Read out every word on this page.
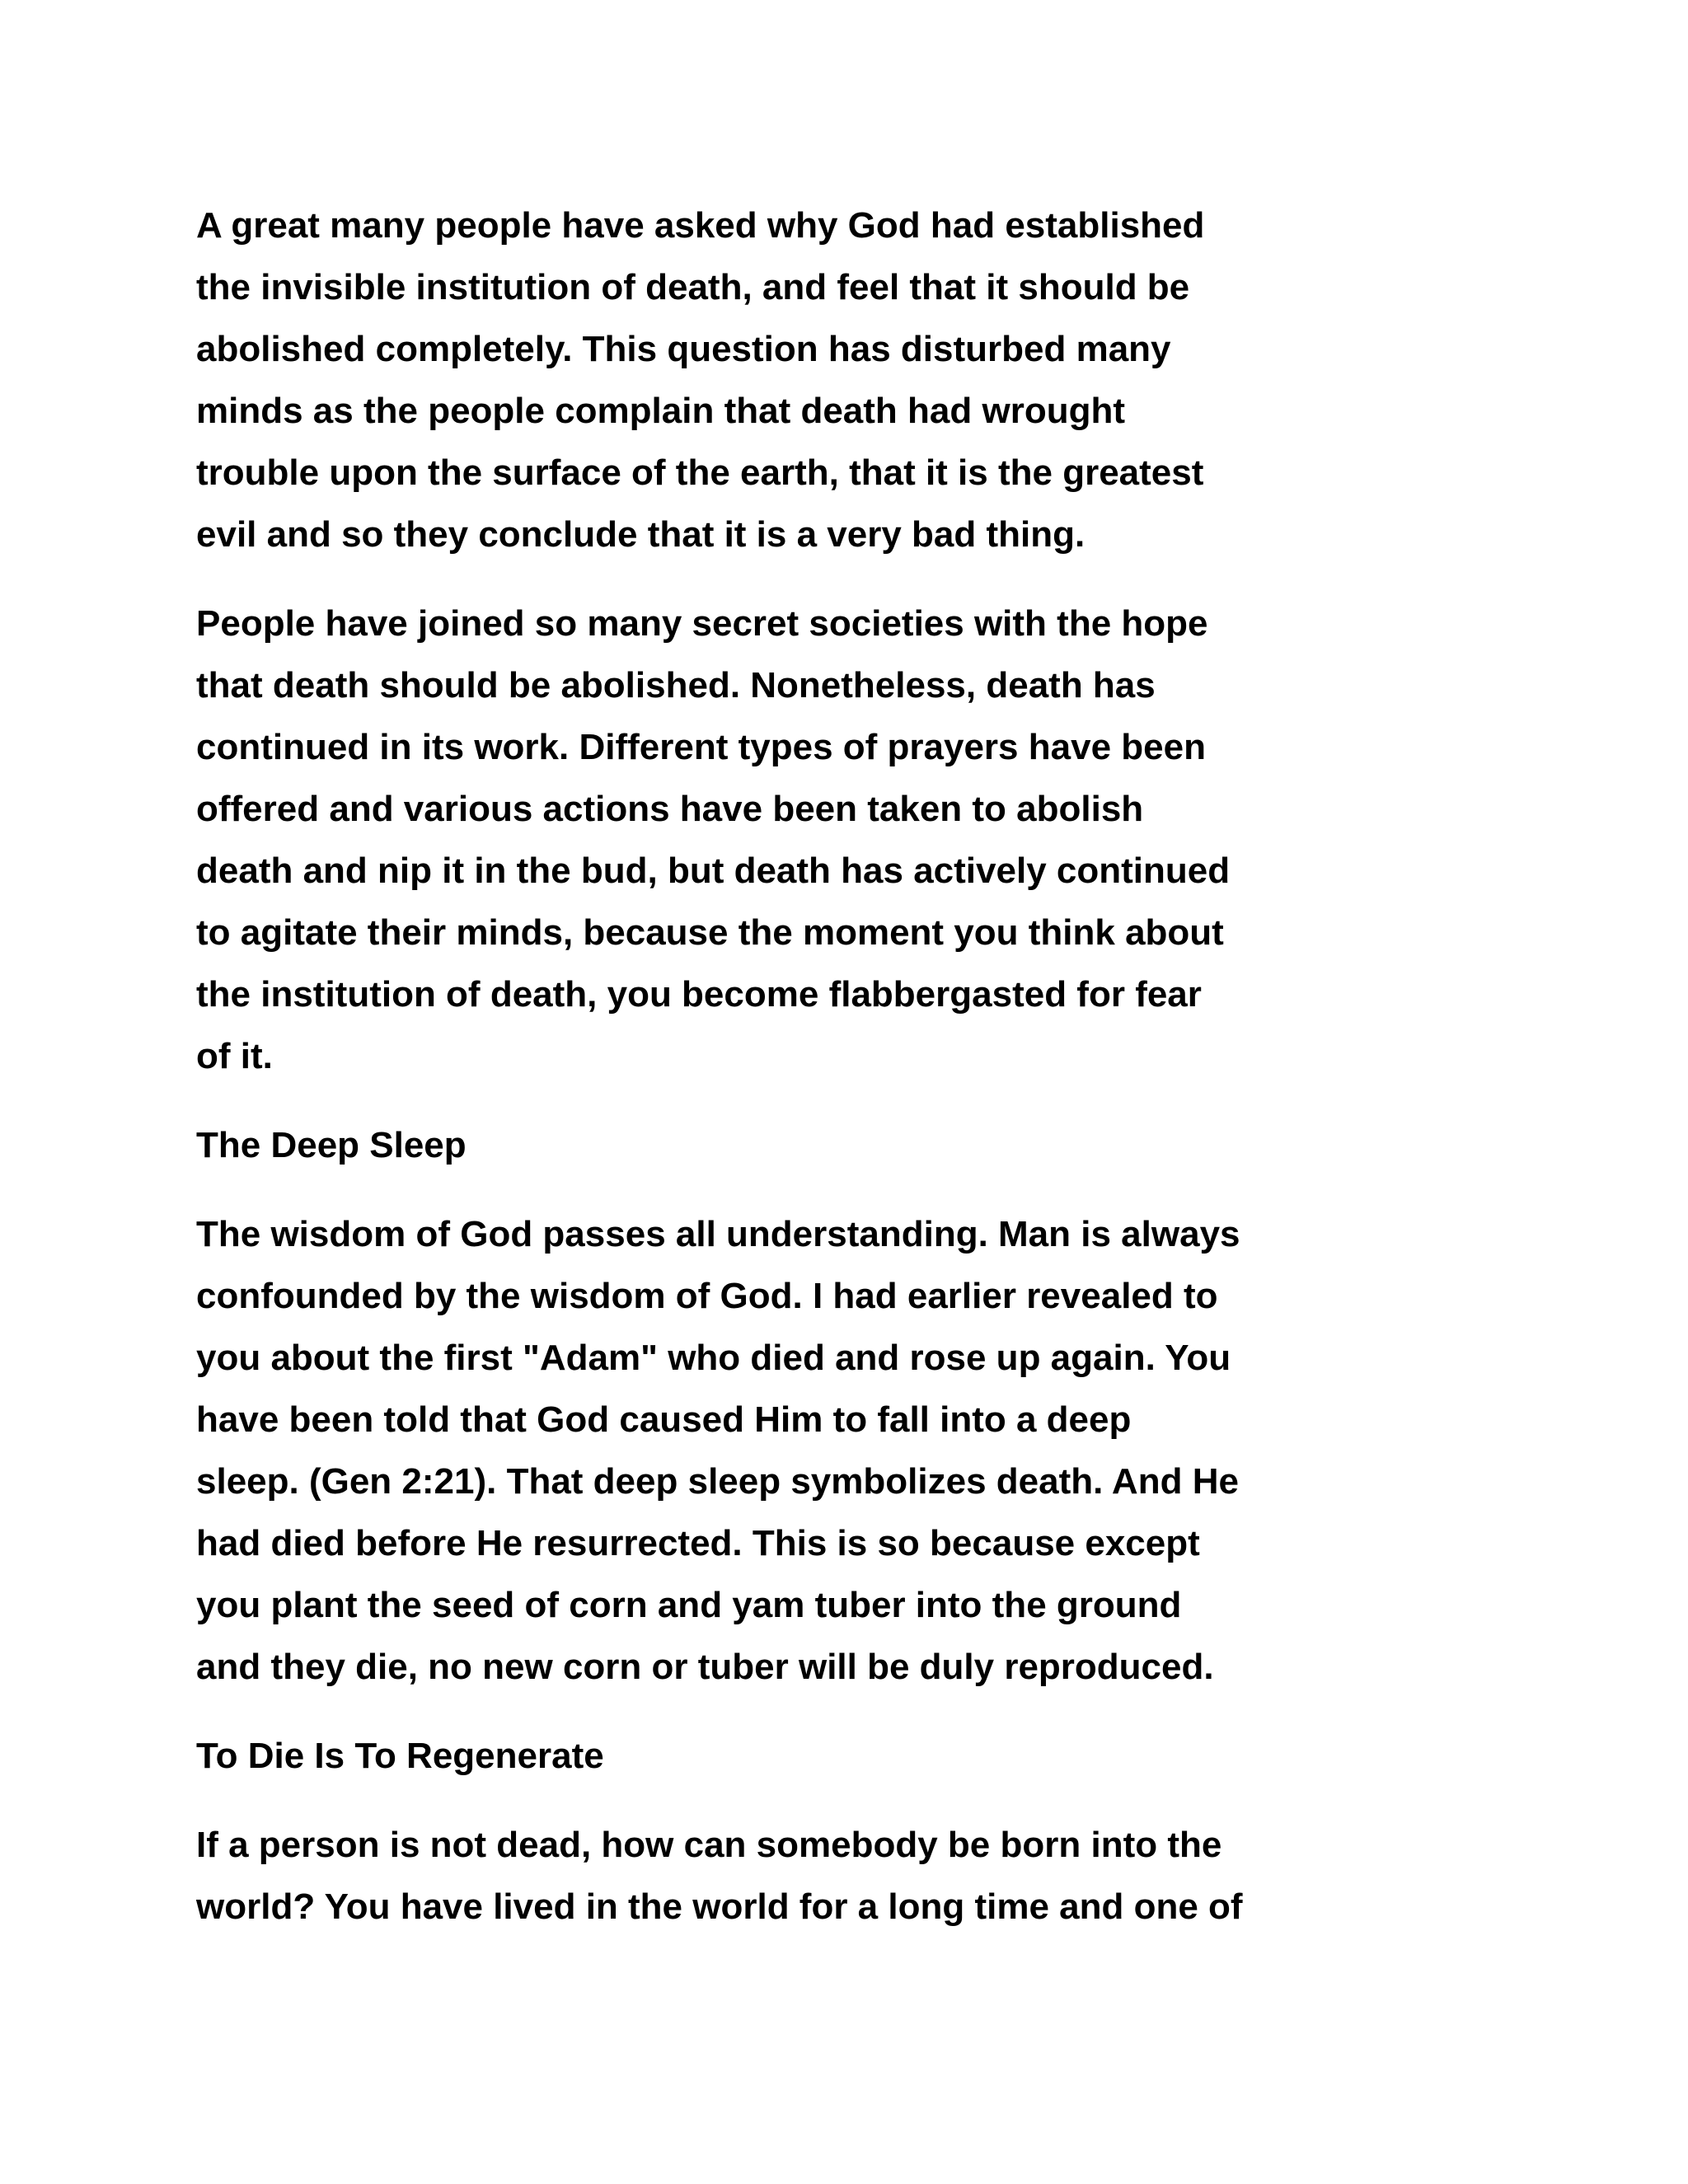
A great many people have asked why God had established
the invisible institution of death, and feel that it should be
abolished completely. This question has disturbed many
minds as the people complain that death had wrought
trouble upon the surface of the earth, that it is the greatest
evil and so they conclude that it is a very bad thing.

People have joined so many secret societies with the hope
that death should be abolished. Nonetheless, death has
continued in its work. Different types of prayers have been
offered and various actions have been taken to abolish
death and nip it in the bud, but death has actively continued
to agitate their minds, because the moment you think about
the institution of death, you become flabbergasted for fear
of it.

The Deep Sleep

The wisdom of God passes all understanding. Man is always
confounded by the wisdom of God. I had earlier revealed to
you about the first "Adam" who died and rose up again. You
have been told that God caused Him to fall into a deep
sleep. (Gen 2:21). That deep sleep symbolizes death. And He
had died before He resurrected. This is so because except
you plant the seed of corn and yam tuber into the ground
and they die, no new corn or tuber will be duly reproduced.

To Die Is To Regenerate

If a person is not dead, how can somebody be born into the
world? You have lived in the world for a long time and one of
